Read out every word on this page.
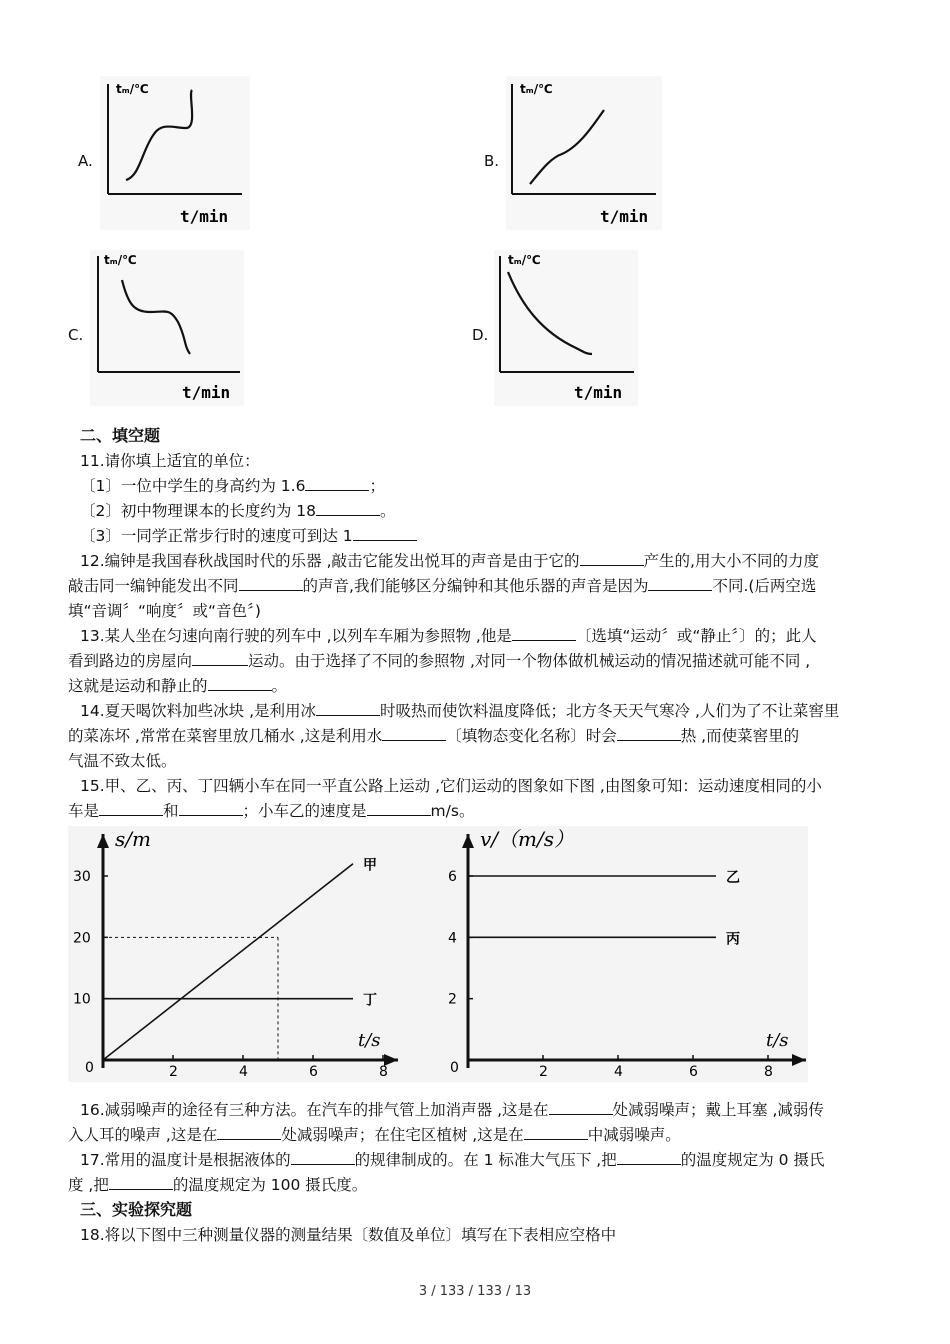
A.
tₘ/℃
t/min
B.
tₘ/℃
t/min
C.
tₘ/℃
t/min
D.
tₘ/℃
t/min
二、填空题
11.请你填上适宜的单位：
〔1〕一位中学生的身高约为 1.6	；
〔2〕初中物理课本的长度约为 18	。
〔3〕一同学正常步行时的速度可到达 1
12.编钟是我国春秋战国时代的乐器 ,敲击它能发出悦耳的声音是由于它的	产生的,用大小不同的力度
敲击同一编钟能发出不同	的声音,我们能够区分编钟和其他乐器的声音是因为	不同.(后两空选
填“音调〞“响度〞或“音色〞)
13.某人坐在匀速向南行驶的列车中 ,以列车车厢为参照物 ,他是	〔选填“运动〞或“静止〞〕的；此人
看到路边的房屋向	运动。由于选择了不同的参照物 ,对同一个物体做机械运动的情况描述就可能不同 ,
这就是运动和静止的	。
14.夏天喝饮料加些冰块 ,是利用冰	时吸热而使饮料温度降低；北方冬天天气寒冷 ,人们为了不让菜窖里
的菜冻坏 ,常常在菜窖里放几桶水 ,这是利用水	〔填物态变化名称〕时会	热 ,而使菜窖里的
气温不致太低。
15.甲、乙、丙、丁四辆小车在同一平直公路上运动 ,它们运动的图象如下图 ,由图象可知：运动速度相同的小
车是	和	；小车乙的速度是	m/s。
s/m
t/s
0	2	4	6	8
10
20
30
甲
丁
v/（m/s）
t/s
0	2	4	6	8
2
4
6	乙
丙
16.减弱噪声的途径有三种方法。在汽车的排气管上加消声器 ,这是在	处减弱噪声；戴上耳塞 ,减弱传
入人耳的噪声 ,这是在	处减弱噪声；在住宅区植树 ,这是在	中减弱噪声。
17.常用的温度计是根据液体的	的规律制成的。在 1 标准大气压下 ,把	的温度规定为 0 摄氏
度 ,把	的温度规定为 100 摄氏度。
三、实验探究题
18.将以下图中三种测量仪器的测量结果〔数值及单位〕填写在下表相应空格中
3 / 133 / 133 / 13
